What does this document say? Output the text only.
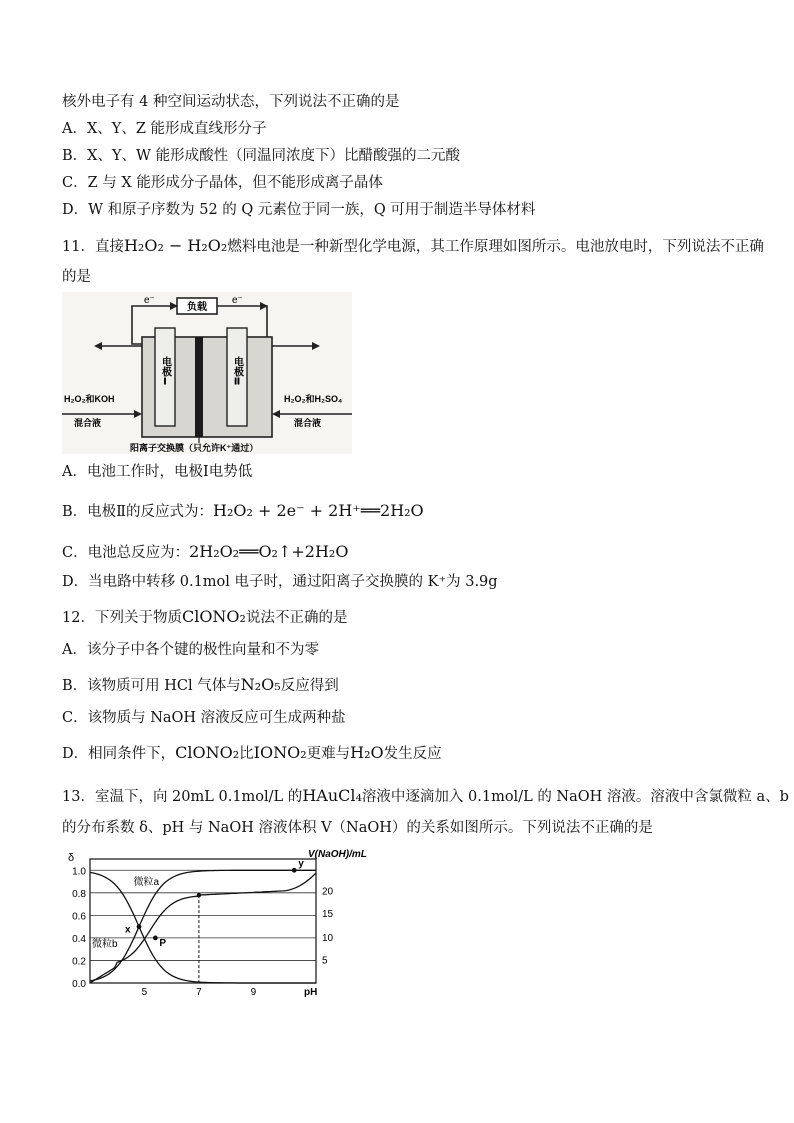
核外电子有 4 种空间运动状态，下列说法不正确的是
A．X、Y、Z 能形成直线形分子
B．X、Y、W 能形成酸性（同温同浓度下）比醋酸强的二元酸
C．Z 与 X 能形成分子晶体，但不能形成离子晶体
D．W 和原子序数为 52 的 Q 元素位于同一族，Q 可用于制造半导体材料
11．直接H₂O₂ − H₂O₂燃料电池是一种新型化学电源，其工作原理如图所示。电池放电时，下列说法不正确
的是
负载
e⁻	e⁻
电极Ⅰ	电极Ⅱ
H₂O₂和KOH
混合液
H₂O₂和H₂SO₄
混合液
阳离子交换膜（只允许K⁺通过）
A．电池工作时，电极Ⅰ电势低
B．电极Ⅱ的反应式为：H₂O₂ + 2e⁻ + 2H⁺══2H₂O
C．电池总反应为：2H₂O₂══O₂↑+2H₂O
D．当电路中转移 0.1mol 电子时，通过阳离子交换膜的 K⁺为 3.9g
12．下列关于物质ClONO₂说法不正确的是
A．该分子中各个键的极性向量和不为零
B．该物质可用 HCl 气体与N₂O₅反应得到
C．该物质与 NaOH 溶液反应可生成两种盐
D．相同条件下，ClONO₂比IONO₂更难与H₂O发生反应
13．室温下，向 20mL 0.1mol/L 的HAuCl₄溶液中逐滴加入 0.1mol/L 的 NaOH 溶液。溶液中含氯微粒 a、b
的分布系数 δ、pH 与 NaOH 溶液体积 V（NaOH）的关系如图所示。下列说法不正确的是
1.0
0.8
0.6
0.4
0.2
0.0
δ
20
15
10
5
V(NaOH)/mL
5	7	9	pH
x
P
y
微粒a
微粒b
